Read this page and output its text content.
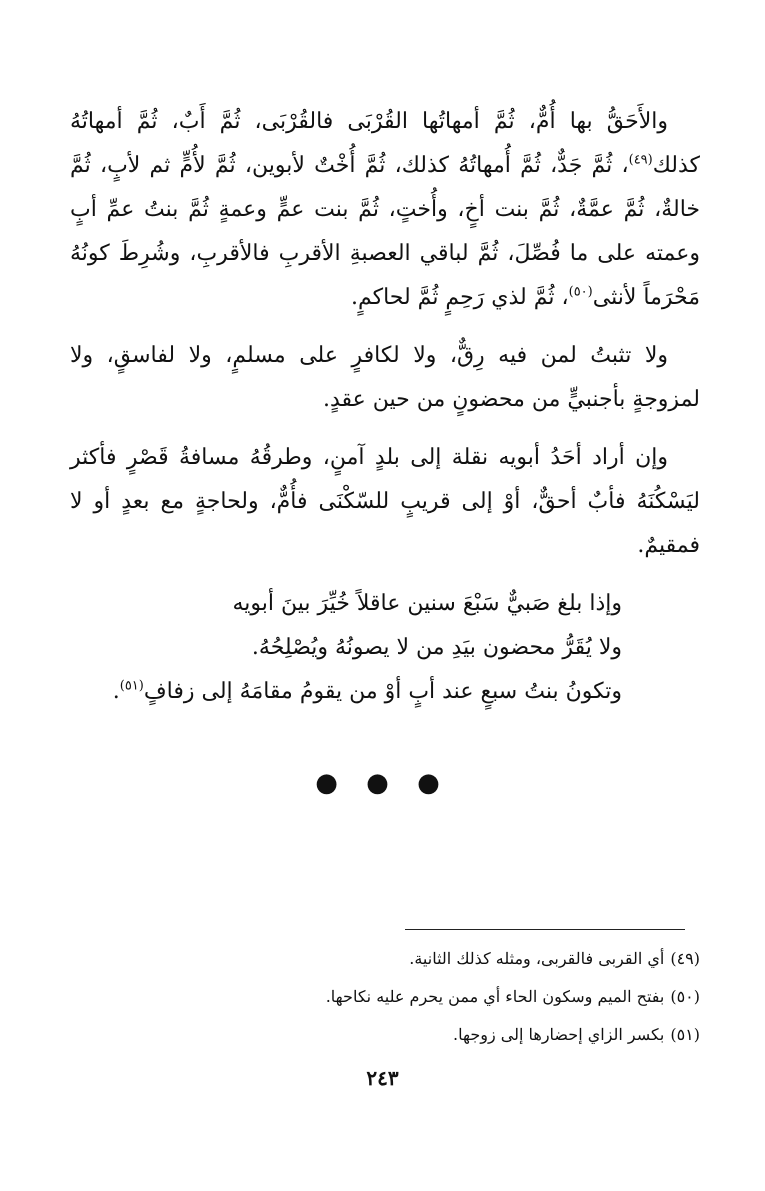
والأَحَقُّ بها أُمٌّ، ثُمَّ أمهاتُها القُرْبَى فالقُرْبَى، ثُمَّ أَبٌ، ثُمَّ أمهاتُهُ كذلك$^{(٤٩)}$، ثُمَّ جَدٌّ، ثُمَّ أُمهاتُهُ كذلك، ثُمَّ أُخْتٌ لأبوين، ثُمَّ لأُمٍّ ثم لأبٍ، ثُمَّ خالةٌ، ثُمَّ عمَّةٌ، ثُمَّ بنت أخٍ، وأُختٍ، ثُمَّ بنت عمٍّ وعمةٍ ثُمَّ بنتُ عمِّ أبٍ وعمته على ما فُصِّلَ، ثُمَّ لباقي العصبةِ الأقربِ فالأقربِ، وشُرِطَ كونُهُ مَحْرَماً لأنثى$^{(٥٠)}$، ثُمَّ لذي رَحِمٍ ثُمَّ لحاكمٍ.

ولا تثبتُ لمن فيه رِقٌّ، ولا لكافرٍ على مسلمٍ، ولا لفاسقٍ، ولا لمزوجةٍ بأجنبيٍّ من محضونٍ من حين عقدٍ.

وإن أراد أحَدُ أبويه نقلة إلى بلدٍ آمنٍ، وطرقُهُ مسافةُ قَصْرٍ فأكثر ليَسْكُنَهُ فأبٌ أحقٌّ، أوْ إلى قريبٍ للسّكْنَى فأُمٌّ، ولحاجةٍ مع بعدٍ أو لا فمقيمٌ.

وإذا بلغ صَبيٌّ سَبْعَ سنين عاقلاً خُيِّرَ بينَ أبويه

ولا يُقَرُّ محضون بيَدِ من لا يصونُهُ ويُصْلِحُهُ.

وتكونُ بنتُ سبعٍ عند أبٍ أوْ من يقومُ مقامَهُ إلى زفافٍ$^{(٥١)}$.

● ● ●

(٤٩)أي القربى فالقربى، ومثله كذلك الثانية.

(٥٠)بفتح الميم وسكون الحاء أي ممن يحرم عليه نكاحها.

(٥١)بكسر الزاي إحضارها إلى زوجها.

٢٤٣
